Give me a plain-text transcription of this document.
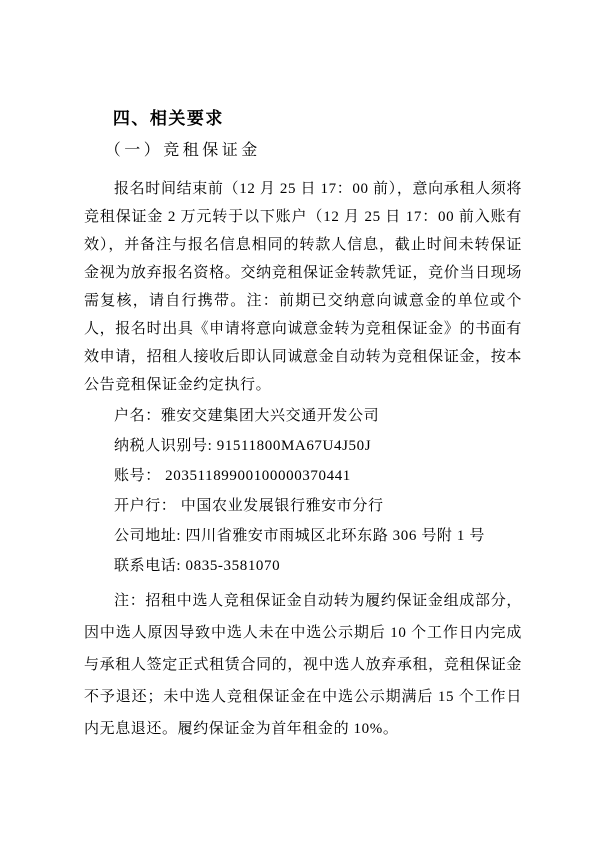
四、相关要求
（一）竞租保证金

报名时间结束前（12 月 25 日 17：00 前），意向承租人须将竞租保证金 2 万元转于以下账户（12 月 25 日 17：00 前入账有效），并备注与报名信息相同的转款人信息，截止时间未转保证金视为放弃报名资格。交纳竞租保证金转款凭证，竞价当日现场需复核，请自行携带。注：前期已交纳意向诚意金的单位或个人，报名时出具《申请将意向诚意金转为竞租保证金》的书面有效申请，招租人接收后即认同诚意金自动转为竞租保证金，按本公告竞租保证金约定执行。

户名：雅安交建集团大兴交通开发公司

纳税人识别号: 91511800MA67U4J50J

账号： 20351189900100000370441

开户行： 中国农业发展银行雅安市分行

公司地址: 四川省雅安市雨城区北环东路 306 号附 1 号

联系电话: 0835-3581070

注：招租中选人竞租保证金自动转为履约保证金组成部分，因中选人原因导致中选人未在中选公示期后 10 个工作日内完成与承租人签定正式租赁合同的，视中选人放弃承租，竞租保证金不予退还；未中选人竞租保证金在中选公示期满后 15 个工作日内无息退还。履约保证金为首年租金的 10%。
